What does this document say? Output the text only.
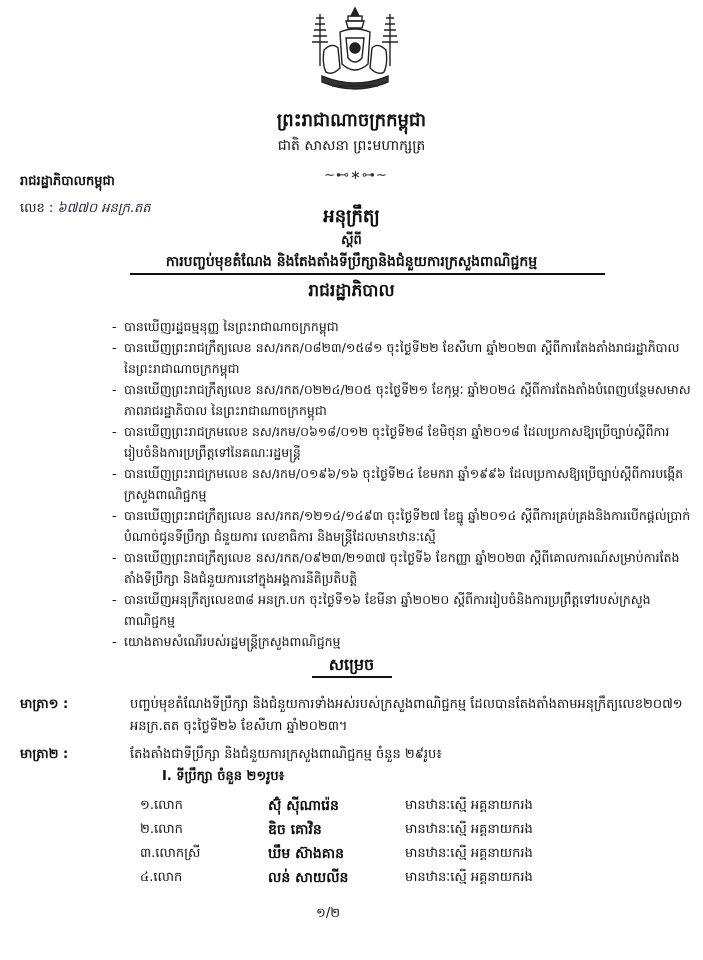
ព្រះរាជាណាចក្រកម្ពុជា
ជាតិ សាសនា ព្រះមហាក្សត្រ
~⊷∗⊶~
រាជរដ្ឋាភិបាលកម្ពុជា
លេខ : ៦៧៧០ អនក្រ.តត	អនុក្រឹត្យ
ស្តីពី
ការបញ្ចប់មុខតំណែង និងតែងតាំងទីប្រឹក្សានិងជំនួយការក្រសួងពាណិជ្ជកម្ម
រាជរដ្ឋាភិបាល
- បានឃើញរដ្ឋធម្មនុញ្ញ នៃព្រះរាជាណាចក្រកម្ពុជា
- បានឃើញព្រះរាជក្រឹត្យលេខ នស/រកត/០៨២៣/១៥៨១ ចុះថ្ងៃទី២២ ខែសីហា ឆ្នាំ២០២៣ ស្តីពីការតែងតាំងរាជរដ្ឋាភិបាល នៃព្រះរាជាណាចក្រកម្ពុជា
- បានឃើញព្រះរាជក្រឹត្យលេខ នស/រកត/០២២៤/២០៥ ចុះថ្ងៃទី២១ ខែកុម្ភៈ ឆ្នាំ២០២៤ ស្តីពីការតែងតាំងបំពេញបន្ថែមសមាសភាពរាជរដ្ឋាភិបាល នៃព្រះរាជាណាចក្រកម្ពុជា
- បានឃើញព្រះរាជក្រមលេខ នស/រកម/០៦១៨/០១២ ចុះថ្ងៃទី២៨ ខែមិថុនា ឆ្នាំ២០១៨ ដែលប្រកាសឱ្យប្រើច្បាប់ស្តីពីការរៀបចំនិងការប្រព្រឹត្តទៅនៃគណៈរដ្ឋមន្ត្រី
- បានឃើញព្រះរាជក្រមលេខ នស/រកម/០១៩៦/១៦ ចុះថ្ងៃទី២៤ ខែមករា ឆ្នាំ១៩៩៦ ដែលប្រកាសឱ្យប្រើច្បាប់ស្តីពីការបង្កើតក្រសួងពាណិជ្ជកម្ម
- បានឃើញព្រះរាជក្រឹត្យលេខ នស/រកត/១២១៤/១៤៩៣ ចុះថ្ងៃទី២៧ ខែធ្នូ ឆ្នាំ២០១៤ ស្តីពីការគ្រប់គ្រងនិងការបើកផ្តល់ប្រាក់បំណាច់ជូនទីប្រឹក្សា ជំនួយការ លេខាធិការ និងមន្ត្រីដែលមានឋានៈស្មើ
- បានឃើញព្រះរាជក្រឹត្យលេខ នស/រកត/០៩២៣/២១៣៧ ចុះថ្ងៃទី៦ ខែកញ្ញា ឆ្នាំ២០២៣ ស្តីពីគោលការណ៍សម្រាប់ការតែងតាំងទីប្រឹក្សា និងជំនួយការនៅក្នុងអង្គការនីតិប្រតិបត្តិ
- បានឃើញអនុក្រឹត្យលេខ៣៨ អនក្រ.បក ចុះថ្ងៃទី១៦ ខែមីនា ឆ្នាំ២០២០ ស្តីពីការរៀបចំនិងការប្រព្រឹត្តទៅរបស់ក្រសួងពាណិជ្ជកម្ម
- យោងតាមសំណើរបស់រដ្ឋមន្ត្រីក្រសួងពាណិជ្ជកម្ម
សម្រេច
មាត្រា១ :	បញ្ចប់មុខតំណែងទីប្រឹក្សា និងជំនួយការទាំងអស់របស់ក្រសួងពាណិជ្ជកម្ម ដែលបានតែងតាំងតាមអនុក្រឹត្យលេខ២០៧១ អនក្រ.តត ចុះថ្ងៃទី២៦ ខែសីហា ឆ្នាំ២០២៣។
មាត្រា២ :	តែងតាំងជាទីប្រឹក្សា និងជំនួយការក្រសួងពាណិជ្ជកម្ម ចំនួន ២៩រូប៖
I. ទីប្រឹក្សា ចំនួន ២១រូប៖
១.លោក	ស៊ុំ ស៊ីណារ៉េន	មានឋានៈស្មើ អគ្គនាយករង
២.លោក	ឌិច គោវិន	មានឋានៈស្មើ អគ្គនាយករង
៣.លោកស្រី	ឃឹម ស៊ាងគាន	មានឋានៈស្មើ អគ្គនាយករង
៤.លោក	លន់ សាយលីន	មានឋានៈស្មើ អគ្គនាយករង
១/២
